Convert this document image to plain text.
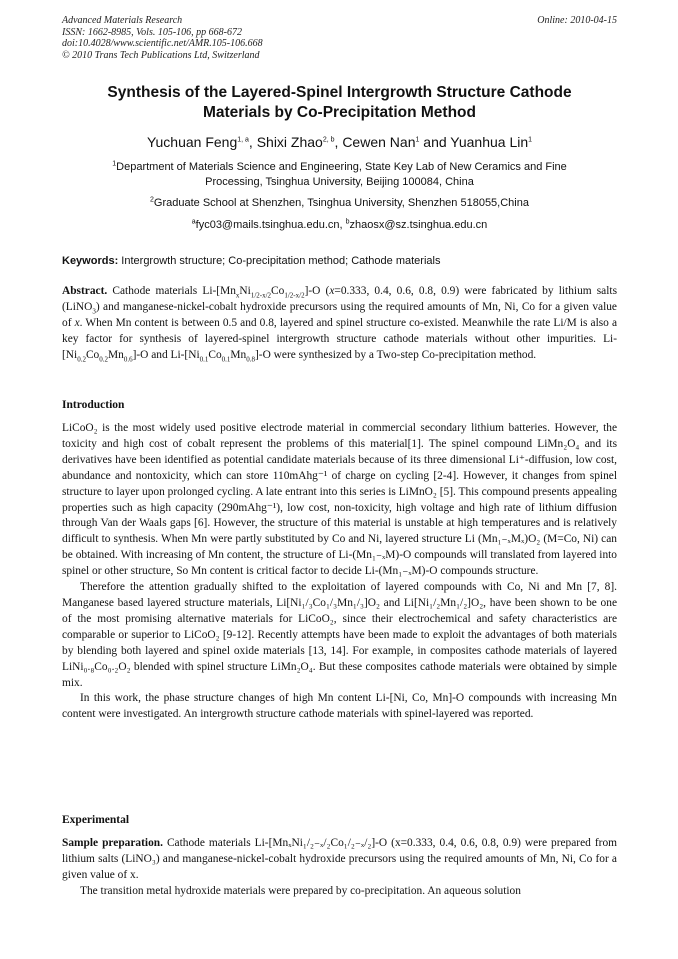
Advanced Materials Research
ISSN: 1662-8985, Vols. 105-106, pp 668-672
doi:10.4028/www.scientific.net/AMR.105-106.668
© 2010 Trans Tech Publications Ltd, Switzerland
Online: 2010-04-15
Synthesis of the Layered-Spinel Intergrowth Structure Cathode
Materials by Co-Precipitation Method
Yuchuan Feng$^{1, a}$, Shixi Zhao$^{2, b}$, Cewen Nan$^1$ and Yuanhua Lin$^1$
$^1$Department of Materials Science and Engineering, State Key Lab of New Ceramics and Fine
Processing, Tsinghua University, Beijing 100084, China
$^2$Graduate School at Shenzhen, Tsinghua University, Shenzhen 518055,China
$^a$fyc03@mails.tsinghua.edu.cn, $^b$zhaosx@sz.tsinghua.edu.cn
Keywords: Intergrowth structure; Co-precipitation method; Cathode materials

Abstract. Cathode materials $Li-[Mn_xNi_{1/2-x/2}Co_{1/2-x/2}]-O$ (x=0.333, 0.4, 0.6, 0.8, 0.9) were fabricated by lithium salts (LiNO$_3$) and manganese-nickel-cobalt hydroxide precursors using the required amounts of Mn, Ni, Co for a given value of x. When Mn content is between 0.5 and 0.8, layered and spinel structure co-existed. Meanwhile the rate Li/M is also a key factor for synthesis of layered-spinel intergrowth structure cathode materials without other impurities. $Li-[Ni_{0.2}Co_{0.2}Mn_{0.6}]-O$ and $Li-[Ni_{0.1}Co_{0.1}Mn_{0.8}]-O$ were synthesized by a Two-step Co-precipitation method.

Introduction

LiCoO₂ is the most widely used positive electrode material in commercial secondary lithium batteries. However, the toxicity and high cost of cobalt represent the problems of this material[1]. The spinel compound LiMn₂O₄ and its derivatives have been identified as potential candidate materials because of its three dimensional Li⁺-diffusion, low cost, abundance and nontoxicity, which can store 110mAhg⁻¹ of charge on cycling [2-4]. However, it changes from spinel structure to layer upon prolonged cycling. A late entrant into this series is LiMnO₂ [5]. This compound presents appealing properties such as high capacity (290mAhg⁻¹), low cost, non-toxicity, high voltage and high rate of lithium diffusion through Van der Waals gaps [6]. However, the structure of this material is unstable at high temperatures and is relatively difficult to synthesis. When Mn were partly substituted by Co and Ni, layered structure Li (Mn₁₋ₓMₓ)O₂ (M=Co, Ni) can be obtained. With increasing of Mn content, the structure of Li-(Mn₁₋ₓM)-O compounds will translated from layered into spinel or other structure, So Mn content is critical factor to decide Li-(Mn₁₋ₓM)-O compounds structure.

Therefore the attention gradually shifted to the exploitation of layered compounds with Co, Ni and Mn [7, 8]. Manganese based layered structure materials, Li[Ni₁/₃Co₁/₃Mn₁/₃]O₂ and Li[Ni₁/₂Mn₁/₂]O₂, have been shown to be one of the most promising alternative materials for LiCoO₂, since their electrochemical and safety characteristics are comparable or superior to LiCoO₂ [9-12]. Recently attempts have been made to exploit the advantages of both materials by blending both layered and spinel oxide materials [13, 14]. For example, in composites cathode materials of layered LiNi₀.₈Co₀.₂O₂ blended with spinel structure LiMn₂O₄. But these composites cathode materials were obtained by simple mix.

In this work, the phase structure changes of high Mn content Li-[Ni, Co, Mn]-O compounds with increasing Mn content were investigated. An intergrowth structure cathode materials with spinel-layered was reported.

Experimental

Sample preparation. Cathode materials Li-[MnₓNi₁/₂₋ₓ/₂Co₁/₂₋ₓ/₂]-O (x=0.333, 0.4, 0.6, 0.8, 0.9) were prepared from lithium salts (LiNO₃) and manganese-nickel-cobalt hydroxide precursors using the required amounts of Mn, Ni, Co for a given value of x.

The transition metal hydroxide materials were prepared by co-precipitation. An aqueous solution
